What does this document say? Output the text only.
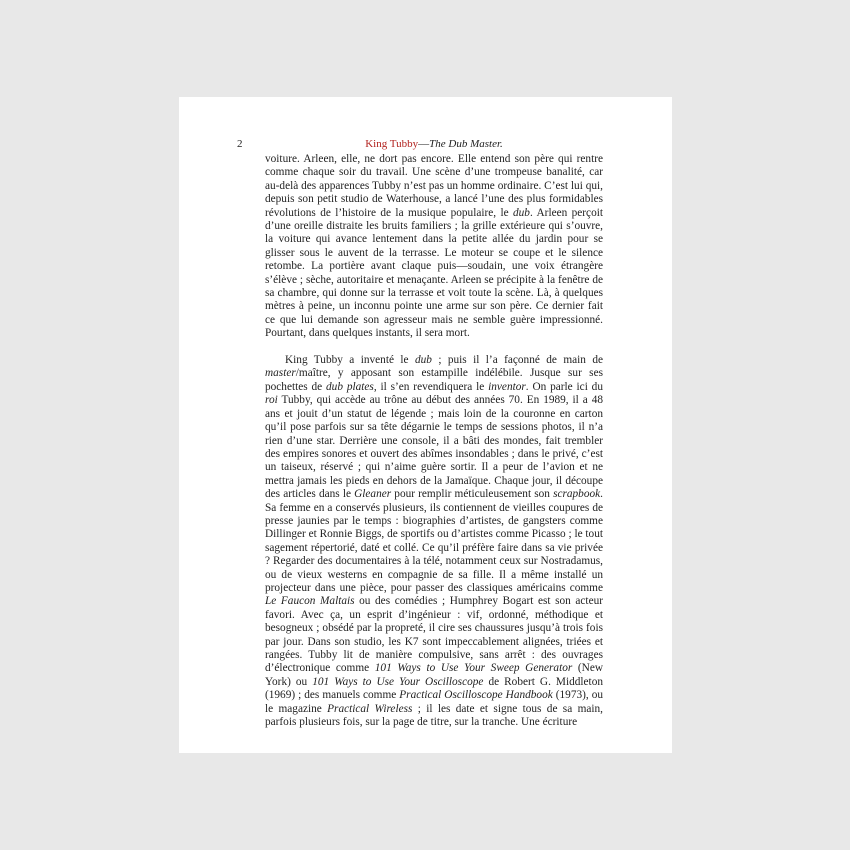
2	King Tubby—The Dub Master.

voiture. Arleen, elle, ne dort pas encore. Elle entend son père qui rentre comme chaque soir du travail. Une scène d’une trompeuse banalité, car au-delà des apparences Tubby n’est pas un homme ordinaire. C’est lui qui, depuis son petit studio de Waterhouse, a lancé l’une des plus formidables révolutions de l’histoire de la musique populaire, le dub. Arleen perçoit d’une oreille distraite les bruits familiers ; la grille extérieure qui s’ouvre, la voiture qui avance lentement dans la petite allée du jardin pour se glisser sous le auvent de la terrasse. Le moteur se coupe et le silence retombe. La portière avant claque puis—soudain, une voix étrangère s’élève ; sèche, autoritaire et menaçante. Arleen se précipite à la fenêtre de sa chambre, qui donne sur la terrasse et voit toute la scène. Là, à quelques mètres à peine, un inconnu pointe une arme sur son père. Ce dernier fait ce que lui demande son agresseur mais ne semble guère impressionné. Pourtant, dans quelques instants, il sera mort.

King Tubby a inventé le dub ; puis il l’a façonné de main de master/maître, y apposant son estampille indélébile. Jusque sur ses pochettes de dub plates, il s’en revendiquera le inventor. On parle ici du roi Tubby, qui accède au trône au début des années 70. En 1989, il a 48 ans et jouit d’un statut de légende ; mais loin de la couronne en carton qu’il pose parfois sur sa tête dégarnie le temps de sessions photos, il n’a rien d’une star. Derrière une console, il a bâti des mondes, fait trembler des empires sonores et ouvert des abîmes insondables ; dans le privé, c’est un taiseux, réservé ; qui n’aime guère sortir. Il a peur de l’avion et ne mettra jamais les pieds en dehors de la Jamaïque. Chaque jour, il découpe des articles dans le Gleaner pour remplir méticuleusement son scrapbook. Sa femme en a conservés plusieurs, ils contiennent de vieilles coupures de presse jaunies par le temps : biographies d’artistes, de gangsters comme Dillinger et Ronnie Biggs, de sportifs ou d’artistes comme Picasso ; le tout sagement répertorié, daté et collé. Ce qu’il préfère faire dans sa vie privée ? Regarder des documentaires à la télé, notamment ceux sur Nostradamus, ou de vieux westerns en compagnie de sa fille. Il a même installé un projecteur dans une pièce, pour passer des classiques américains comme Le Faucon Maltais ou des comédies ; Humphrey Bogart est son acteur favori. Avec ça, un esprit d’ingénieur : vif, ordonné, méthodique et besogneux ; obsédé par la propreté, il cire ses chaussures jusqu’à trois fois par jour. Dans son studio, les K7 sont impeccablement alignées, triées et rangées. Tubby lit de manière compulsive, sans arrêt : des ouvrages d’électronique comme 101 Ways to Use Your Sweep Generator (New York) ou 101 Ways to Use Your Oscilloscope de Robert G. Middleton (1969) ; des manuels comme Practical Oscilloscope Handbook (1973), ou le magazine Practical Wireless ; il les date et signe tous de sa main, parfois plusieurs fois, sur la page de titre, sur la tranche. Une écriture
